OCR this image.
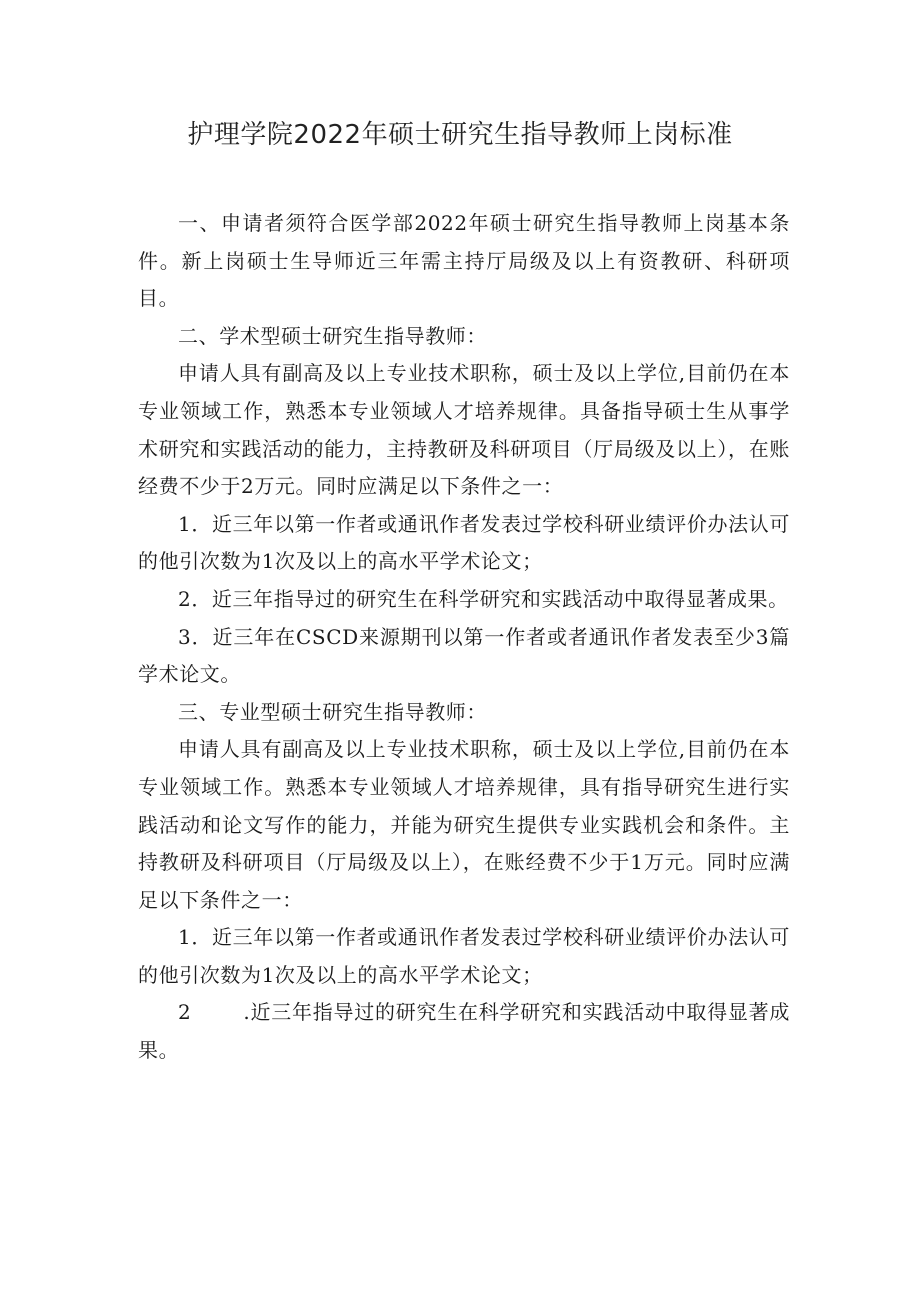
护理学院2022年硕士研究生指导教师上岗标准

一、申请者须符合医学部2022年硕士研究生指导教师上岗基本条件。新上岗硕士生导师近三年需主持厅局级及以上有资教研、科研项目。

二、学术型硕士研究生指导教师：

申请人具有副高及以上专业技术职称，硕士及以上学位,目前仍在本专业领域工作，熟悉本专业领域人才培养规律。具备指导硕士生从事学术研究和实践活动的能力，主持教研及科研项目（厅局级及以上），在账经费不少于2万元。同时应满足以下条件之一：

1．近三年以第一作者或通讯作者发表过学校科研业绩评价办法认可的他引次数为1次及以上的高水平学术论文；

2．近三年指导过的研究生在科学研究和实践活动中取得显著成果。

3．近三年在CSCD来源期刊以第一作者或者通讯作者发表至少3篇学术论文。

三、专业型硕士研究生指导教师：

申请人具有副高及以上专业技术职称，硕士及以上学位,目前仍在本专业领域工作。熟悉本专业领域人才培养规律，具有指导研究生进行实践活动和论文写作的能力，并能为研究生提供专业实践机会和条件。主持教研及科研项目（厅局级及以上），在账经费不少于1万元。同时应满足以下条件之一：

1．近三年以第一作者或通讯作者发表过学校科研业绩评价办法认可的他引次数为1次及以上的高水平学术论文；

2	.近三年指导过的研究生在科学研究和实践活动中取得显著成果。
